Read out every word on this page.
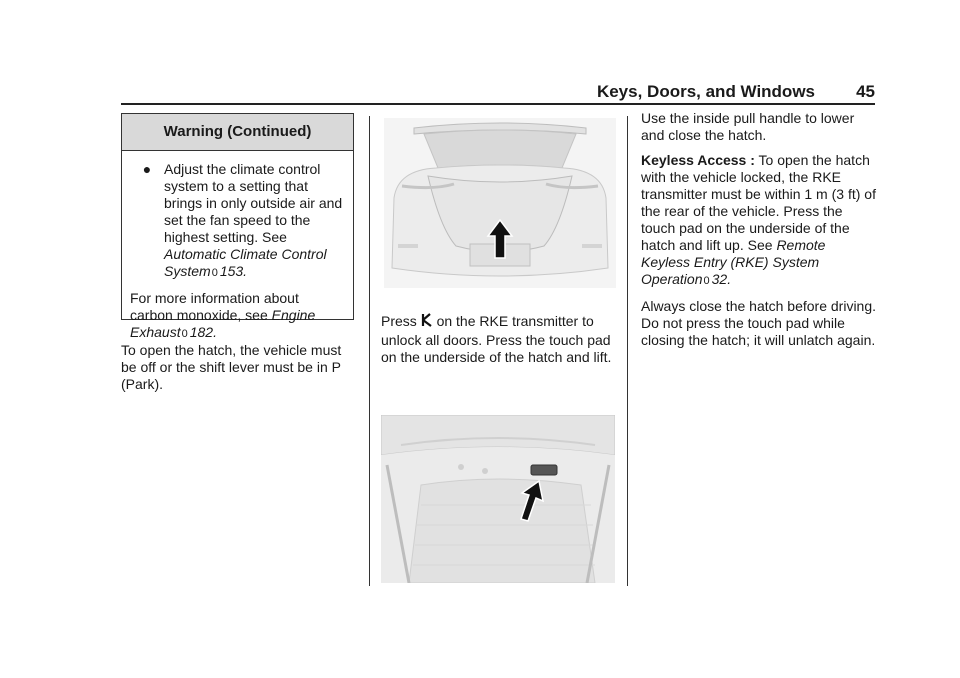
Keys, Doors, and Windows 45
Warning (Continued)
● Adjust the climate control system to a setting that brings in only outside air and set the fan speed to the highest setting. See Automatic Climate Control System0 153.

For more information about carbon monoxide, see Engine Exhaust0 182.

To open the hatch, the vehicle must be off or the shift lever must be in P (Park).

Press on the RKE transmitter to unlock all doors. Press the touch pad on the underside of the hatch and lift.

Use the inside pull handle to lower and close the hatch.

Keyless Access : To open the hatch with the vehicle locked, the RKE transmitter must be within 1 m (3 ft) of the rear of the vehicle. Press the touch pad on the underside of the hatch and lift up. See Remote Keyless Entry (RKE) System Operation0 32.

Always close the hatch before driving. Do not press the touch pad while closing the hatch; it will unlatch again.
